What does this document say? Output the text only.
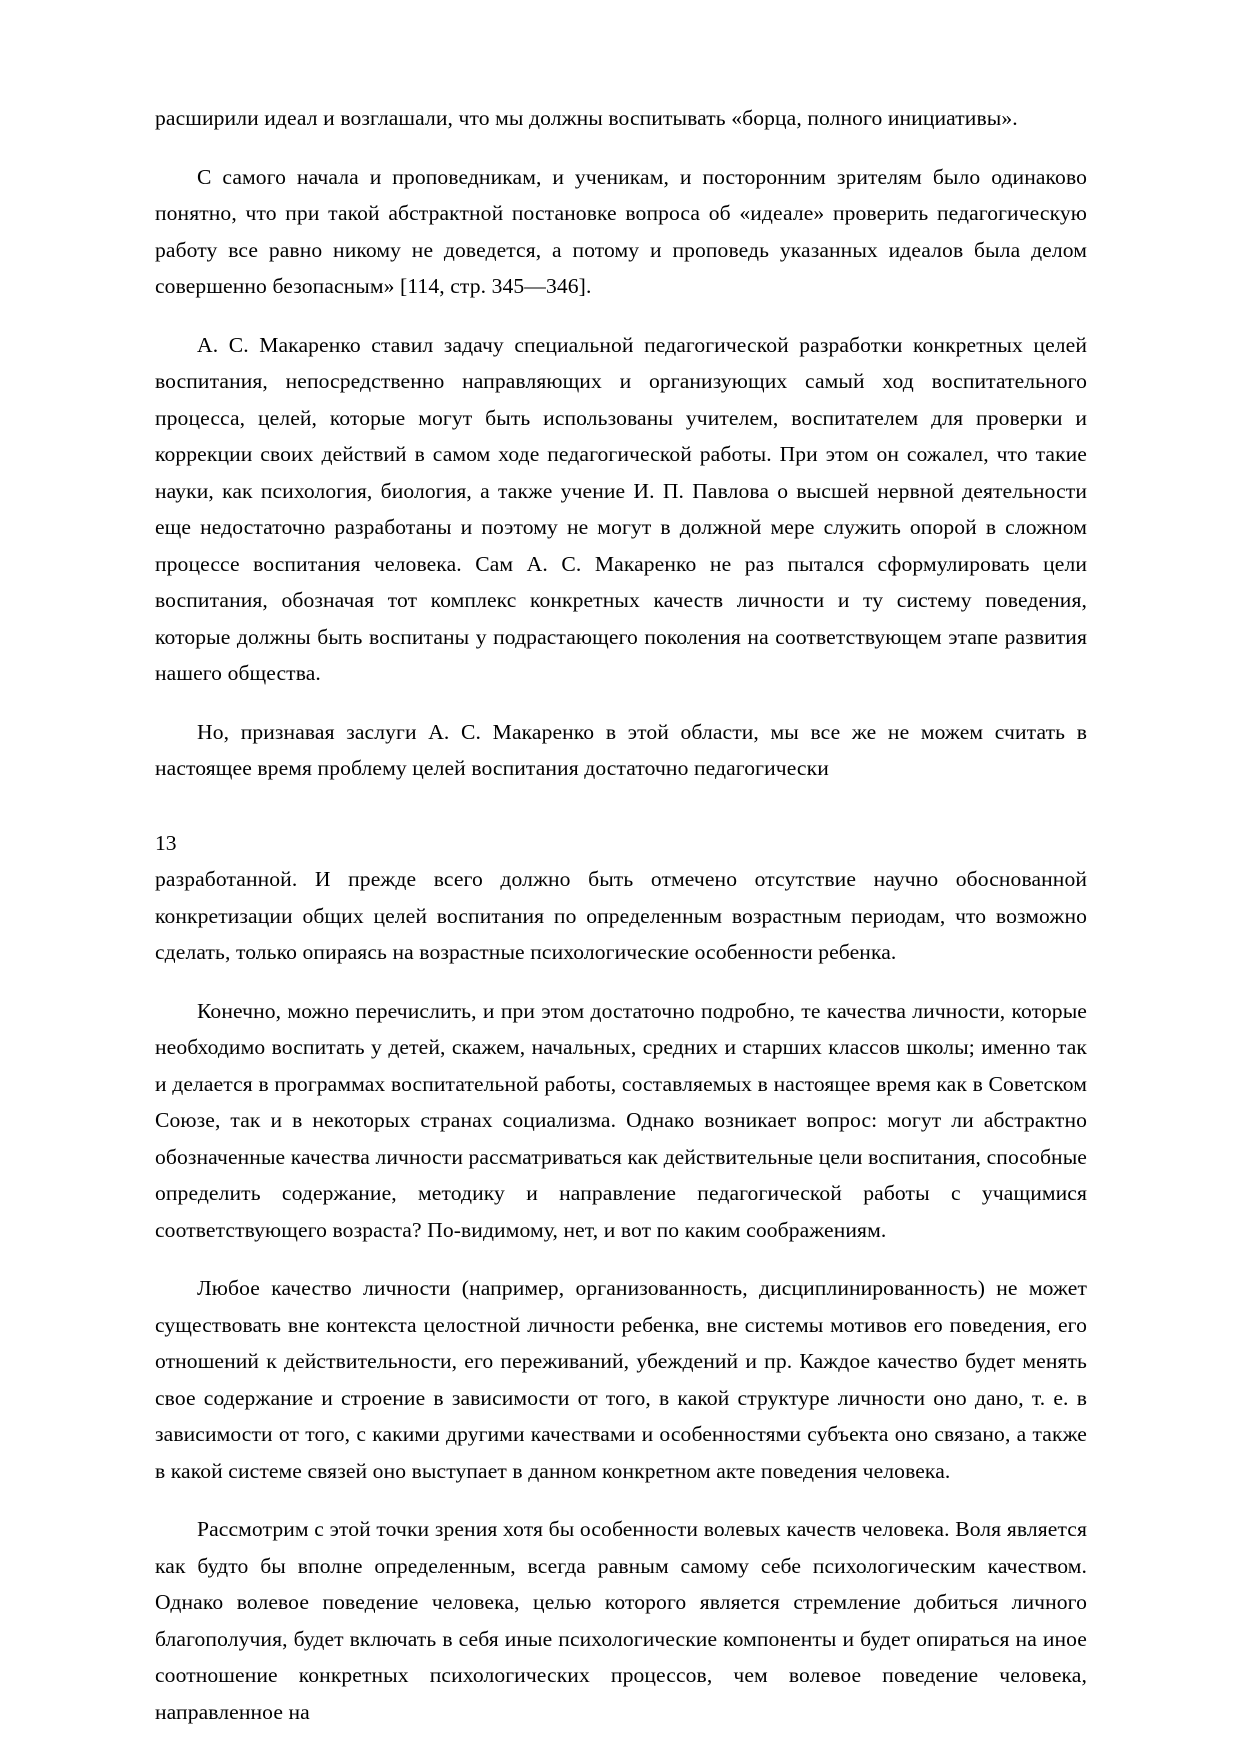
расширили идеал и возглашали, что мы должны воспитывать «борца, полного инициативы».

С самого начала и проповедникам, и ученикам, и посторонним зрителям было одинаково понятно, что при такой абстрактной постановке вопроса об «идеале» проверить педагогическую работу все равно никому не доведется, а потому и проповедь указанных идеалов была делом совершенно безопасным» [114, стр. 345—346].

А. С. Макаренко ставил задачу специальной педагогической разработки конкретных целей воспитания, непосредственно направляющих и организующих самый ход воспитательного процесса, целей, которые могут быть использованы учителем, воспитателем для проверки и коррекции своих действий в самом ходе педагогической работы. При этом он сожалел, что такие науки, как психология, биология, а также учение И. П. Павлова о высшей нервной деятельности еще недостаточно разработаны и поэтому не могут в должной мере служить опорой в сложном процессе воспитания человека. Сам А. С. Макаренко не раз пытался сформулировать цели воспитания, обозначая тот комплекс конкретных качеств личности и ту систему поведения, которые должны быть воспитаны у подрастающего поколения на соответствующем этапе развития нашего общества.

Но, признавая заслуги А. С. Макаренко в этой области, мы все же не можем считать в настоящее время проблему целей воспитания достаточно педагогически

13

разработанной. И прежде всего должно быть отмечено отсутствие научно обоснованной конкретизации общих целей воспитания по определенным возрастным периодам, что возможно сделать, только опираясь на возрастные психологические особенности ребенка.

Конечно, можно перечислить, и при этом достаточно подробно, те качества личности, которые необходимо воспитать у детей, скажем, начальных, средних и старших классов школы; именно так и делается в программах воспитательной работы, составляемых в настоящее время как в Советском Союзе, так и в некоторых странах социализма. Однако возникает вопрос: могут ли абстрактно обозначенные качества личности рассматриваться как действительные цели воспитания, способные определить содержание, методику и направление педагогической работы с учащимися соответствующего возраста? По-видимому, нет, и вот по каким соображениям.

Любое качество личности (например, организованность, дисциплинированность) не может существовать вне контекста целостной личности ребенка, вне системы мотивов его поведения, его отношений к действительности, его переживаний, убеждений и пр. Каждое качество будет менять свое содержание и строение в зависимости от того, в какой структуре личности оно дано, т. е. в зависимости от того, с какими другими качествами и особенностями субъекта оно связано, а также в какой системе связей оно выступает в данном конкретном акте поведения человека.

Рассмотрим с этой точки зрения хотя бы особенности волевых качеств человека. Воля является как будто бы вполне определенным, всегда равным самому себе психологическим качеством. Однако волевое поведение человека, целью которого является стремление добиться личного благополучия, будет включать в себя иные психологические компоненты и будет опираться на иное соотношение конкретных психологических процессов, чем волевое поведение человека, направленное на
